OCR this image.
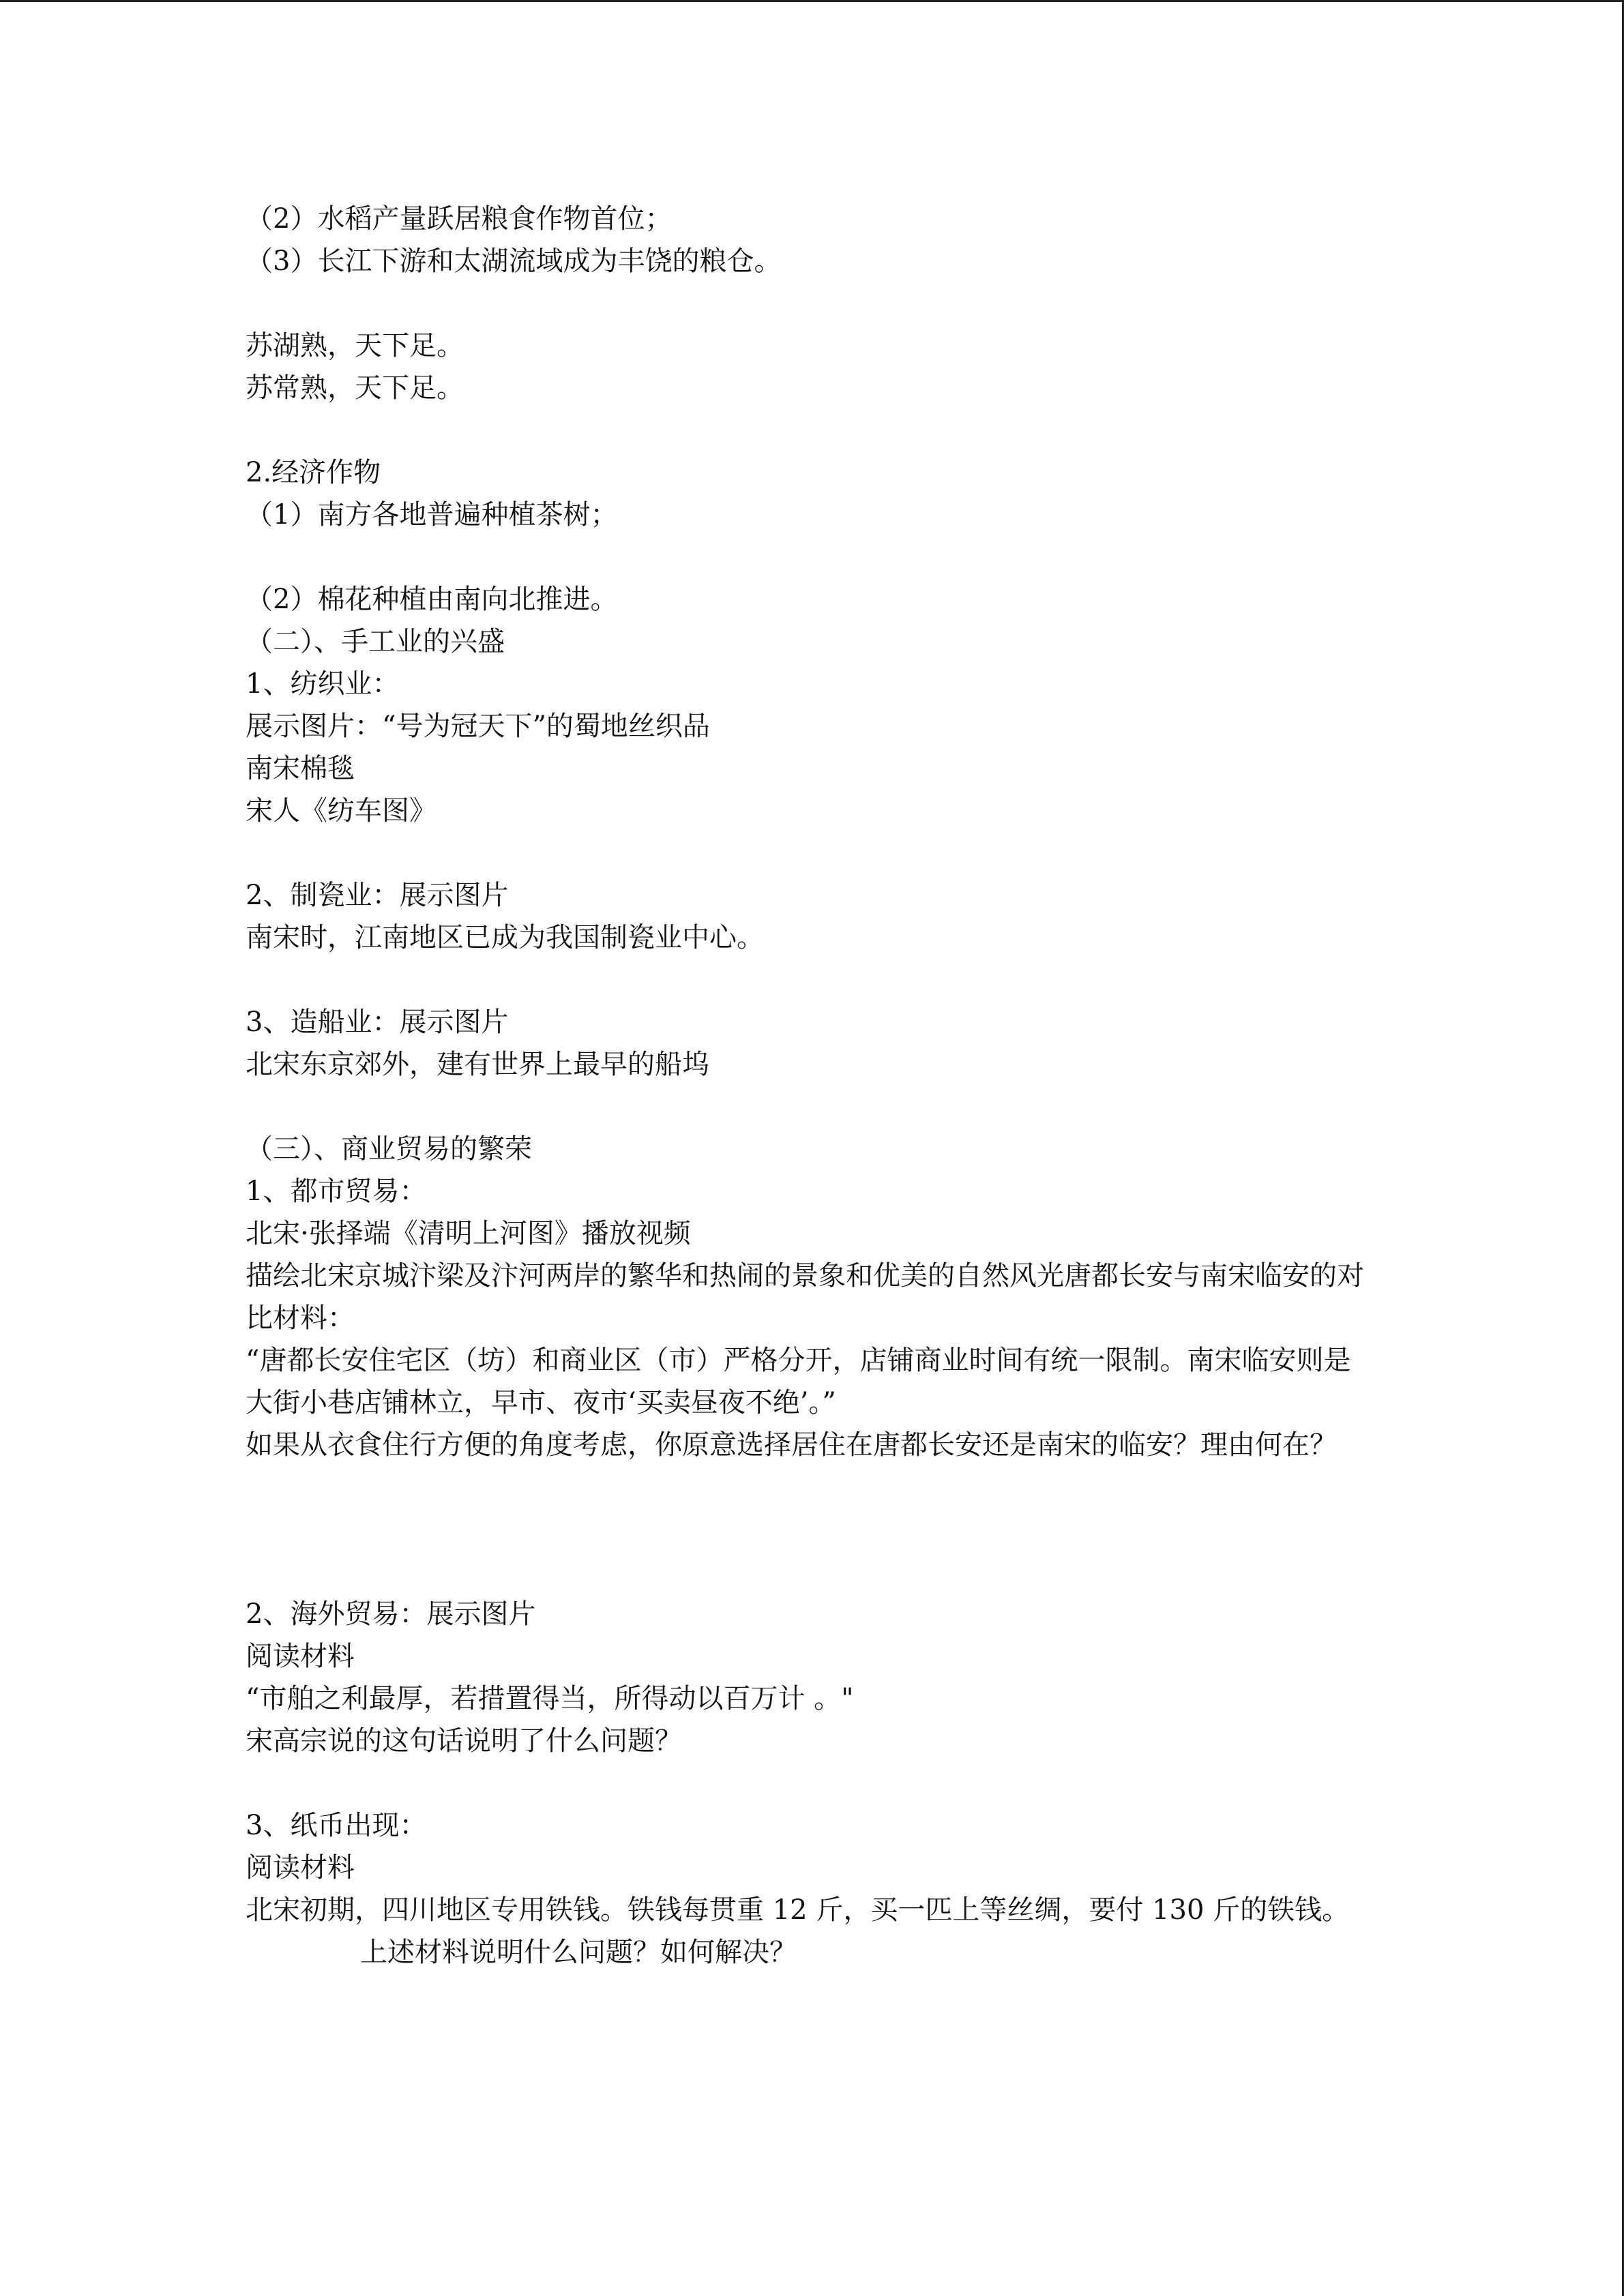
（2）水稻产量跃居粮食作物首位；
（3）长江下游和太湖流域成为丰饶的粮仓。
苏湖熟，天下足。
苏常熟，天下足。
2.经济作物
（1）南方各地普遍种植茶树；
（2）棉花种植由南向北推进。
（二）、手工业的兴盛
1、纺织业：
展示图片：“号为冠天下”的蜀地丝织品
南宋棉毯
宋人《纺车图》
2、制瓷业：展示图片
南宋时，江南地区已成为我国制瓷业中心。
3、造船业：展示图片
北宋东京郊外，建有世界上最早的船坞
（三）、商业贸易的繁荣
1、都市贸易：
北宋·张择端《清明上河图》播放视频
描绘北宋京城汴梁及汴河两岸的繁华和热闹的景象和优美的自然风光唐都长安与南宋临安的对比材料：
“唐都长安住宅区（坊）和商业区（市）严格分开，店铺商业时间有统一限制。南宋临安则是大街小巷店铺林立，早市、夜市‘买卖昼夜不绝’。”
如果从衣食住行方便的角度考虑，你原意选择居住在唐都长安还是南宋的临安？理由何在？
2、海外贸易：展示图片
阅读材料
“市舶之利最厚，若措置得当，所得动以百万计 。"
宋高宗说的这句话说明了什么问题？
3、纸币出现：
阅读材料
北宋初期，四川地区专用铁钱。铁钱每贯重 12 斤，买一匹上等丝绸，要付 130 斤的铁钱。
上述材料说明什么问题？如何解决？
